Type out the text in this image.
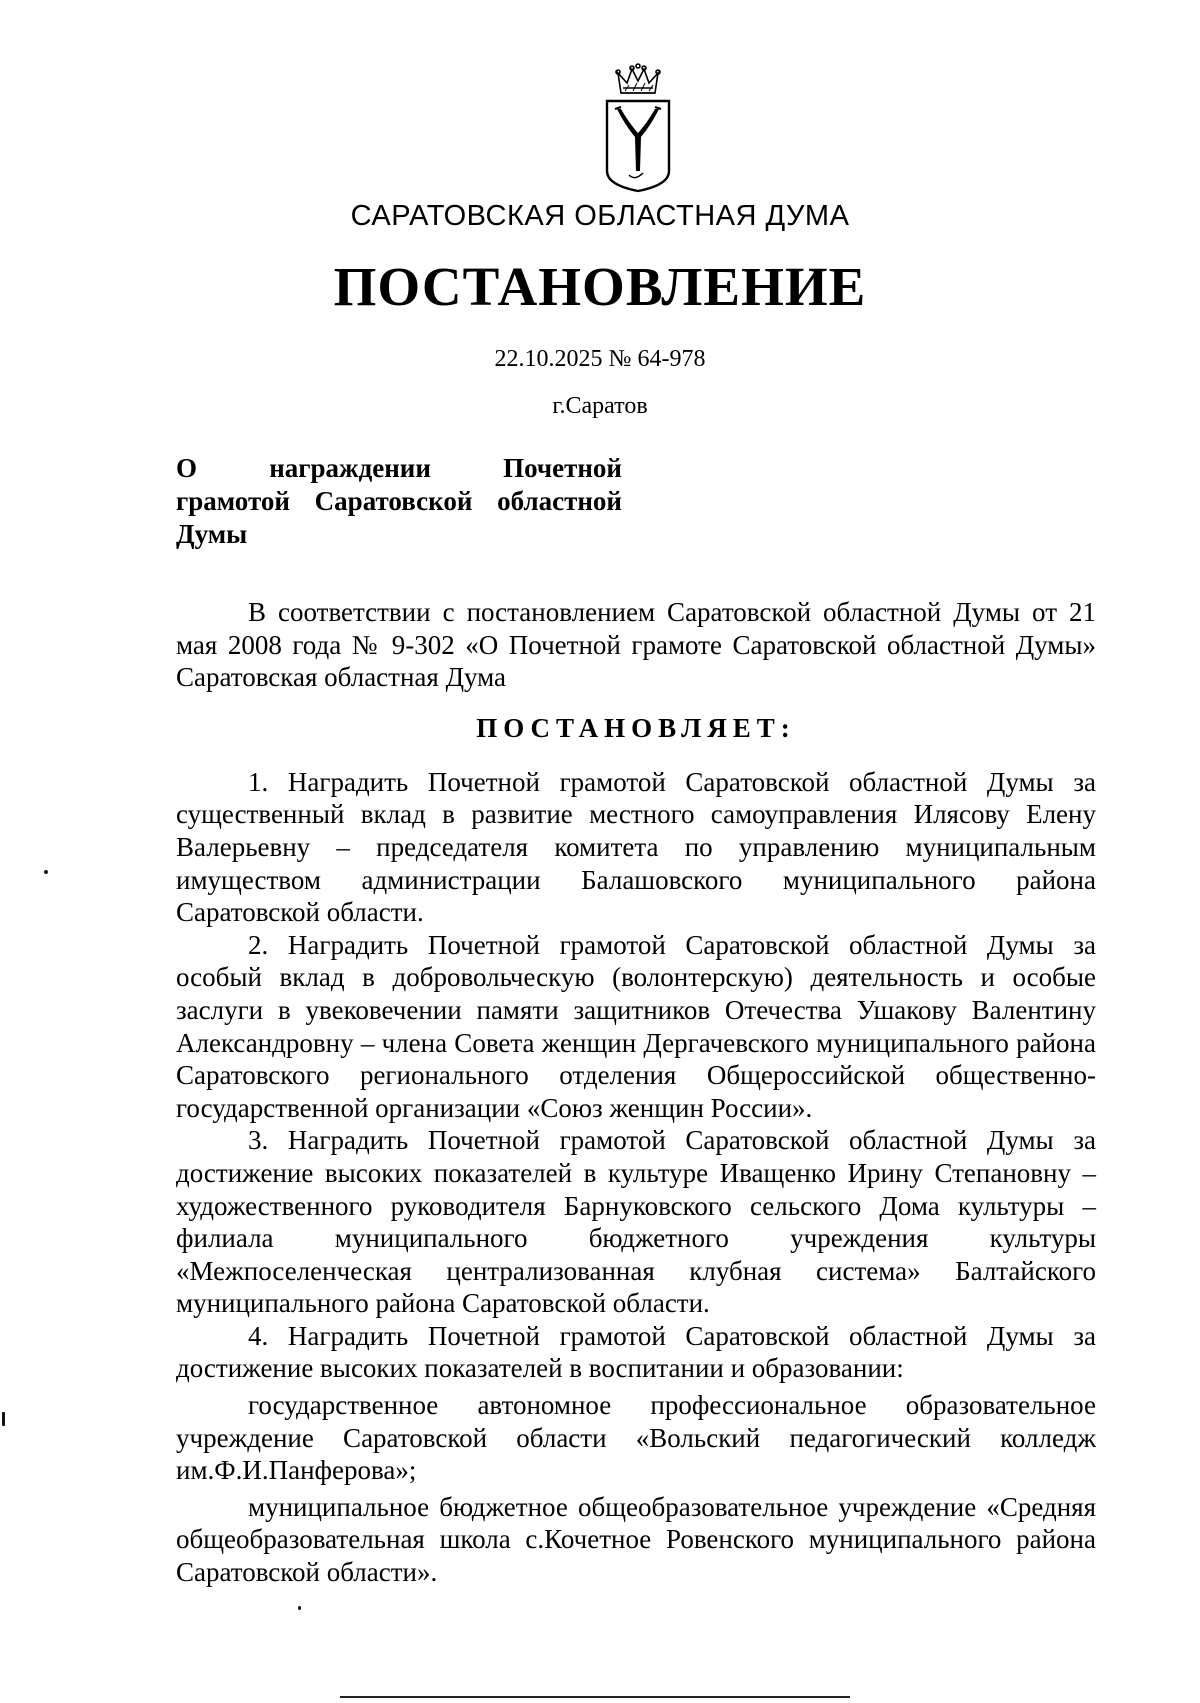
САРАТОВСКАЯ ОБЛАСТНАЯ ДУМА
ПОСТАНОВЛЕНИЕ
22.10.2025 № 64-978
г.Саратов
О награждении Почетной
грамотой Саратовской областной
Думы

В соответствии с постановлением Саратовской областной Думы от 21 мая 2008 года № 9-302 «О Почетной грамоте Саратовской областной Думы» Саратовская областная Дума

ПОСТАНОВЛЯЕТ:

1. Наградить Почетной грамотой Саратовской областной Думы за существенный вклад в развитие местного самоуправления Илясову Елену Валерьевну – председателя комитета по управлению муниципальным имуществом администрации Балашовского муниципального района Саратовской области.

2. Наградить Почетной грамотой Саратовской областной Думы за особый вклад в добровольческую (волонтерскую) деятельность и особые заслуги в увековечении памяти защитников Отечества Ушакову Валентину Александровну – члена Совета женщин Дергачевского муниципального района Саратовского регионального отделения Общероссийской общественно-государственной организации «Союз женщин России».

3. Наградить Почетной грамотой Саратовской областной Думы за достижение высоких показателей в культуре Иващенко Ирину Степановну – художественного руководителя Барнуковского сельского Дома культуры – филиала муниципального бюджетного учреждения культуры «Межпоселенческая централизованная клубная система» Балтайского муниципального района Саратовской области.

4. Наградить Почетной грамотой Саратовской областной Думы за достижение высоких показателей в воспитании и образовании:

государственное автономное профессиональное образовательное учреждение Саратовской области «Вольский педагогический колледж им.Ф.И.Панферова»;

муниципальное бюджетное общеобразовательное учреждение «Средняя общеобразовательная школа с.Кочетное Ровенского муниципального района Саратовской области».
